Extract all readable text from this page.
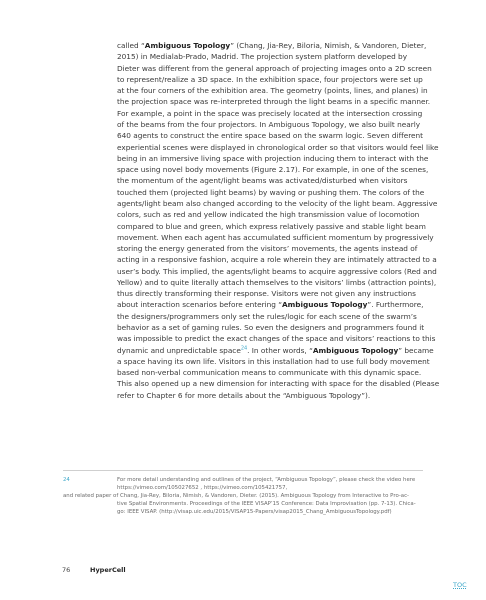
called “Ambiguous Topology” (Chang, Jia-Rey, Biloria, Nimish, & Vandoren, Dieter,

2015) in Medialab-Prado, Madrid. The projection system platform developed by

Dieter was different from the general approach of projecting images onto a 2D screen

to represent/realize a 3D space. In the exhibition space, four projectors were set up

at the four corners of the exhibition area. The geometry (points, lines, and planes) in

the projection space was re-interpreted through the light beams in a specific manner.

For example, a point in the space was precisely located at the intersection crossing

of the beams from the four projectors. In Ambiguous Topology, we also built nearly

640 agents to construct the entire space based on the swarm logic. Seven different

experiential scenes were displayed in chronological order so that visitors would feel like

being in an immersive living space with projection inducing them to interact with the

space using novel body movements (Figure 2.17). For example, in one of the scenes,

the momentum of the agent/light beams was activated/disturbed when visitors

touched them (projected light beams) by waving or pushing them. The colors of the

agents/light beam also changed according to the velocity of the light beam. Aggressive

colors, such as red and yellow indicated the high transmission value of locomotion

compared to blue and green, which express relatively passive and stable light beam

movement. When each agent has accumulated sufficient momentum by progressively

storing the energy generated from the visitors’ movements, the agents instead of

acting in a responsive fashion, acquire a role wherein they are intimately attracted to a

user’s body. This implied, the agents/light beams to acquire aggressive colors (Red and

Yellow) and to quite literally attach themselves to the visitors’ limbs (attraction points),

thus directly transforming their response. Visitors were not given any instructions

about interaction scenarios before entering “Ambiguous Topology”. Furthermore,

the designers/programmers only set the rules/logic for each scene of the swarm’s

behavior as a set of gaming rules. So even the designers and programmers found it

was impossible to predict the exact changes of the space and visitors’ reactions to this

dynamic and unpredictable space$^{24}$. In other words, “Ambiguous Topology” became

a space having its own life. Visitors in this installation had to use full body movement

based non-verbal communication means to communicate with this dynamic space.

This also opened up a new dimension for interacting with space for the disabled (Please

refer to Chapter 6 for more details about the “Ambiguous Topology”).

24	For more detail understanding and outlines of the project, “Ambiguous Topology”, please check the video here
https://vimeo.com/105027652 , https://vimeo.com/105421757,
and related paper of Chang, Jia-Rey, Biloria, Nimish, & Vandoren, Dieter. (2015). Ambiguous Topology from Interactive to Pro-ac-
tive Spatial Environments. Proceedings of the IEEE VISAP’15 Conference: Data Improvisation (pp. 7-13). Chica-
go: IEEE VISAP. (http://visap.uic.edu/2015/VISAP15-Papers/visap2015_Chang_AmbiguousTopology.pdf)
76	HyperCell
TOC
